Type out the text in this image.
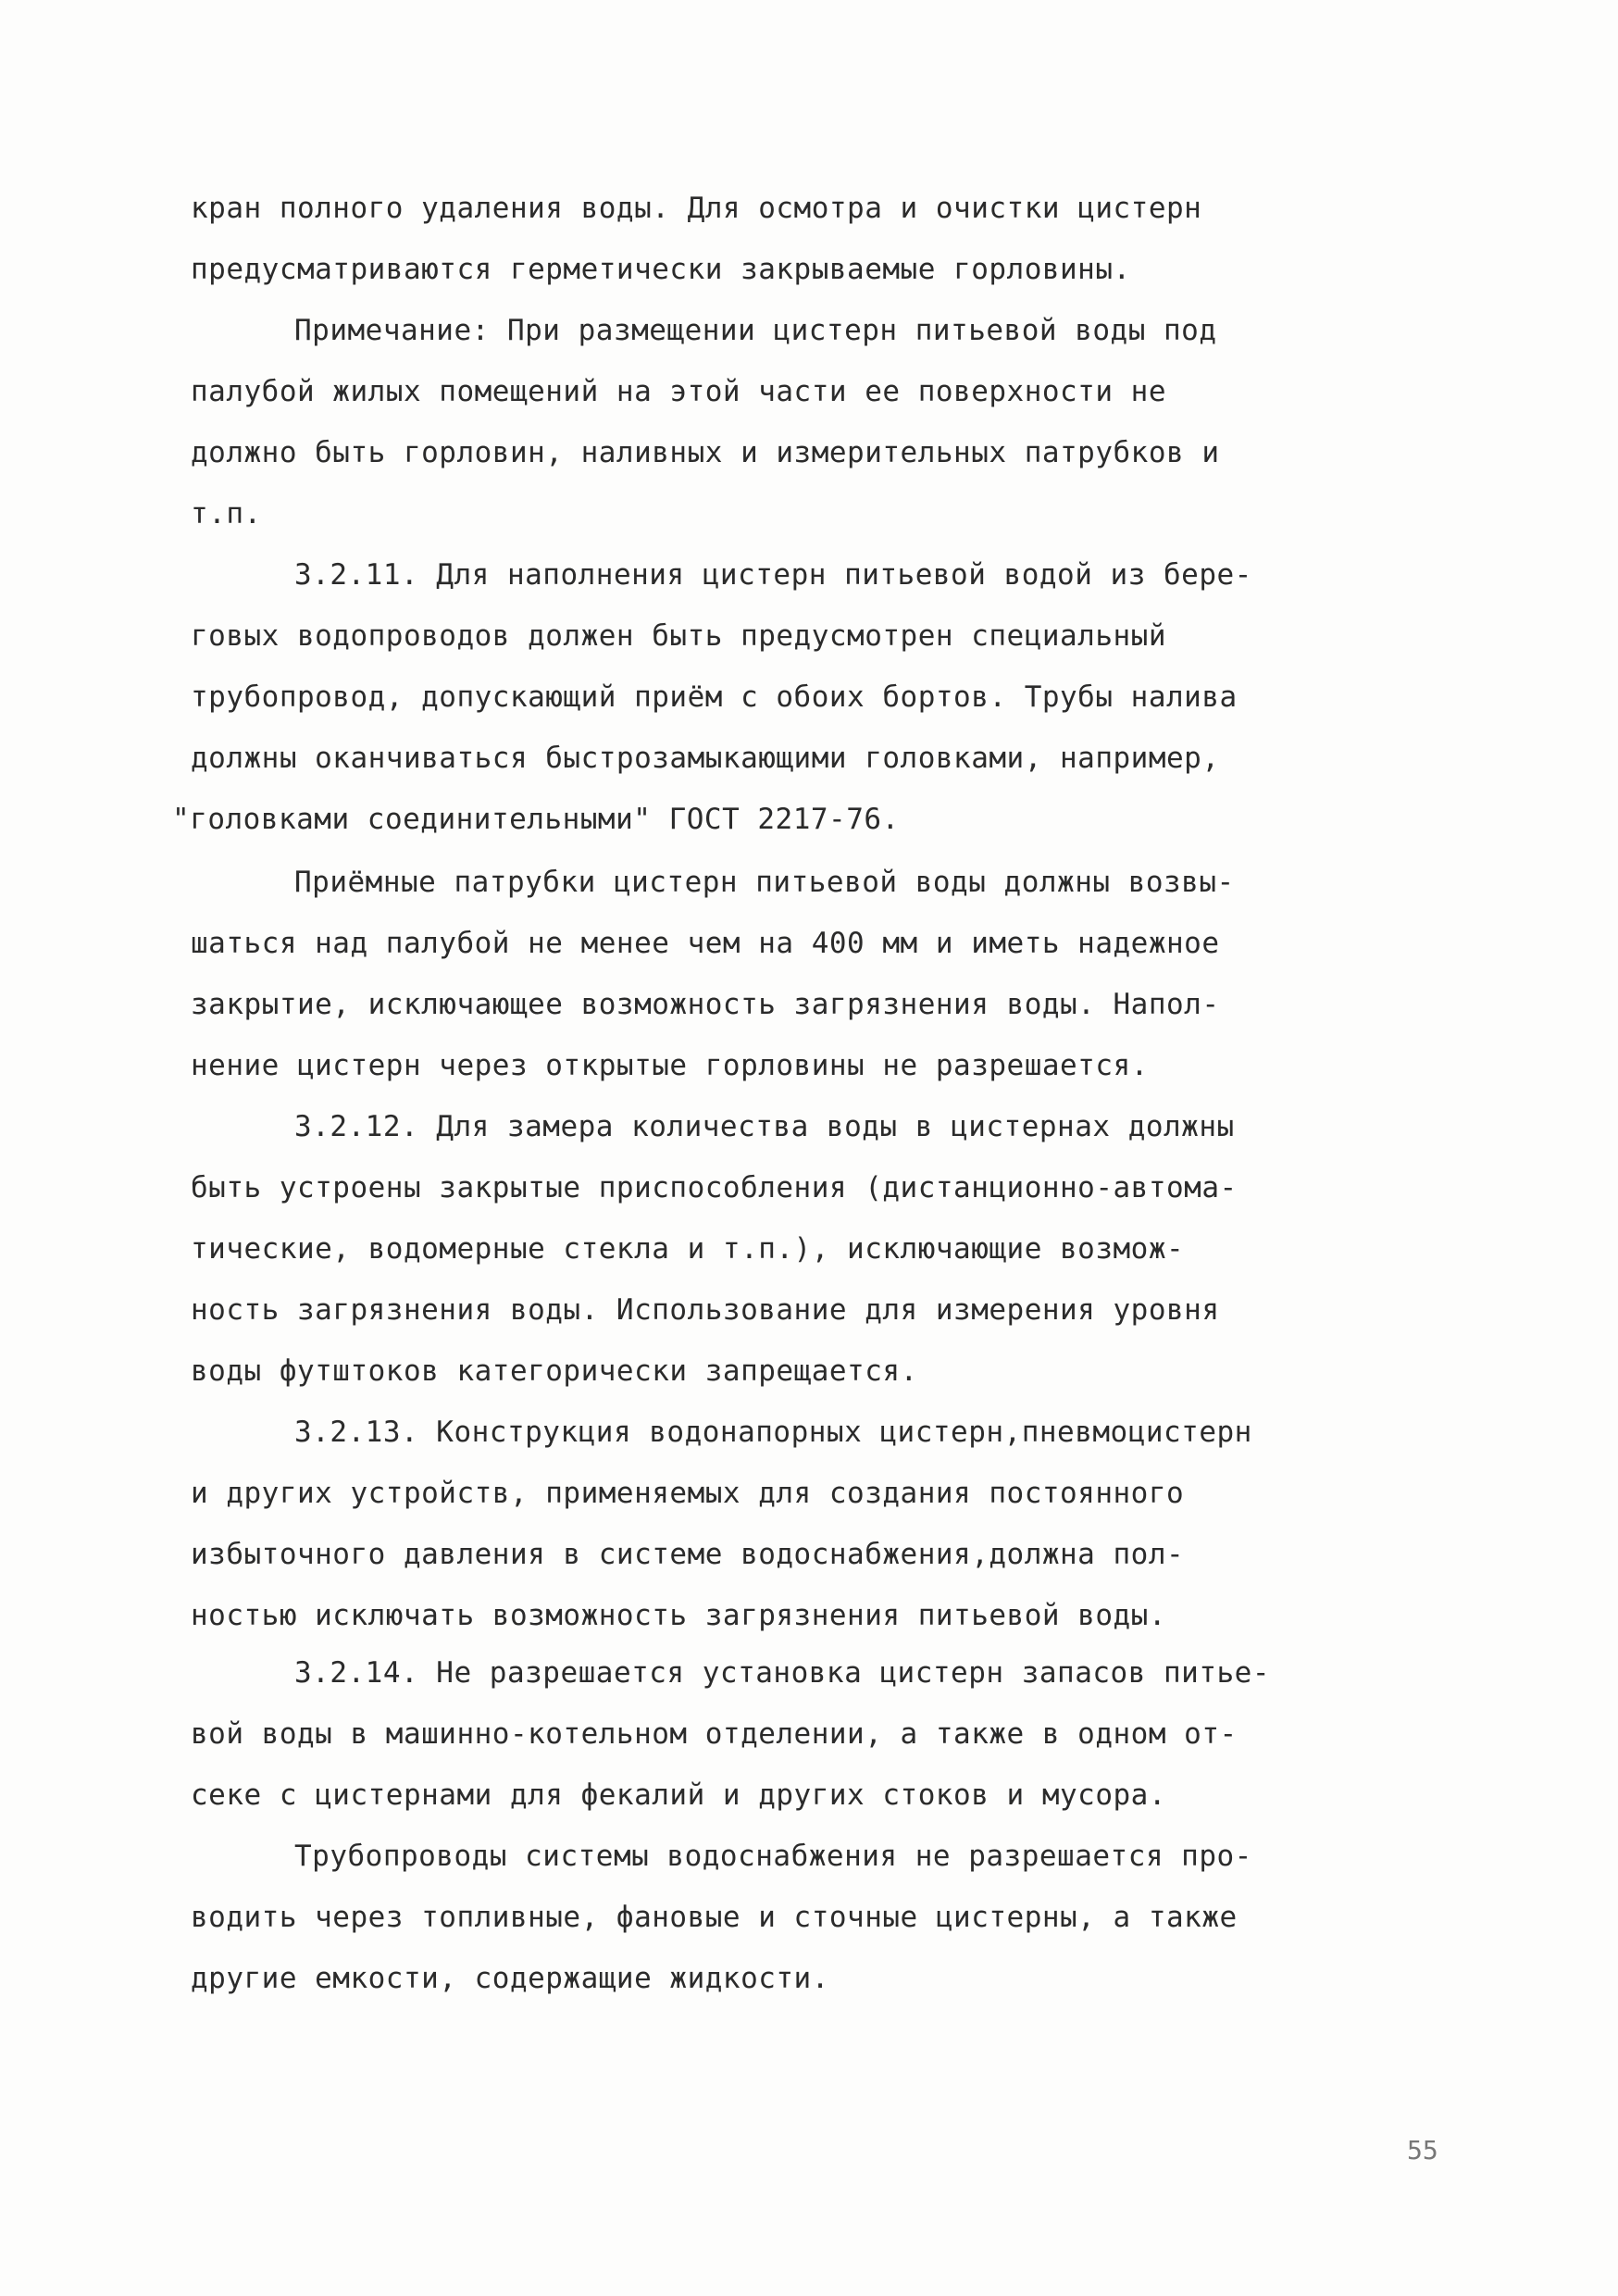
кран полного удаления воды. Для осмотра и очистки цистерн

предусматриваются герметически закрываемые горловины.

Примечание: При размещении цистерн питьевой воды под

палубой жилых помещений на этой части ее поверхности не

должно быть горловин, наливных и измерительных патрубков и

т.п.

3.2.11. Для наполнения цистерн питьевой водой из бере-

говых водопроводов должен быть предусмотрен специальный

трубопровод, допускающий приём с обоих бортов. Трубы налива

должны оканчиваться быстрозамыкающими головками, например,

"головками соединительными" ГОСТ 2217-76.

Приёмные патрубки цистерн питьевой воды должны возвы-

шаться над палубой не менее чем на 400 мм и иметь надежное

закрытие, исключающее возможность загрязнения воды. Напол-

нение цистерн через открытые горловины не разрешается.

3.2.12. Для замера количества воды в цистернах должны

быть устроены закрытые приспособления (дистанционно-автома-

тические, водомерные стекла и т.п.), исключающие возмож-

ность загрязнения воды. Использование для измерения уровня

воды футштоков категорически запрещается.

3.2.13. Конструкция водонапорных цистерн,пневмоцистерн

и других устройств, применяемых для создания постоянного

избыточного давления в системе водоснабжения,должна пол-

ностью исключать возможность загрязнения питьевой воды.

3.2.14. Не разрешается установка цистерн запасов питье-

вой воды в машинно-котельном отделении, а также в одном от-

секе с цистернами для фекалий и других стоков и мусора.

Трубопроводы системы водоснабжения не разрешается про-

водить через топливные, фановые и сточные цистерны, а также

другие емкости, содержащие жидкости.

55
